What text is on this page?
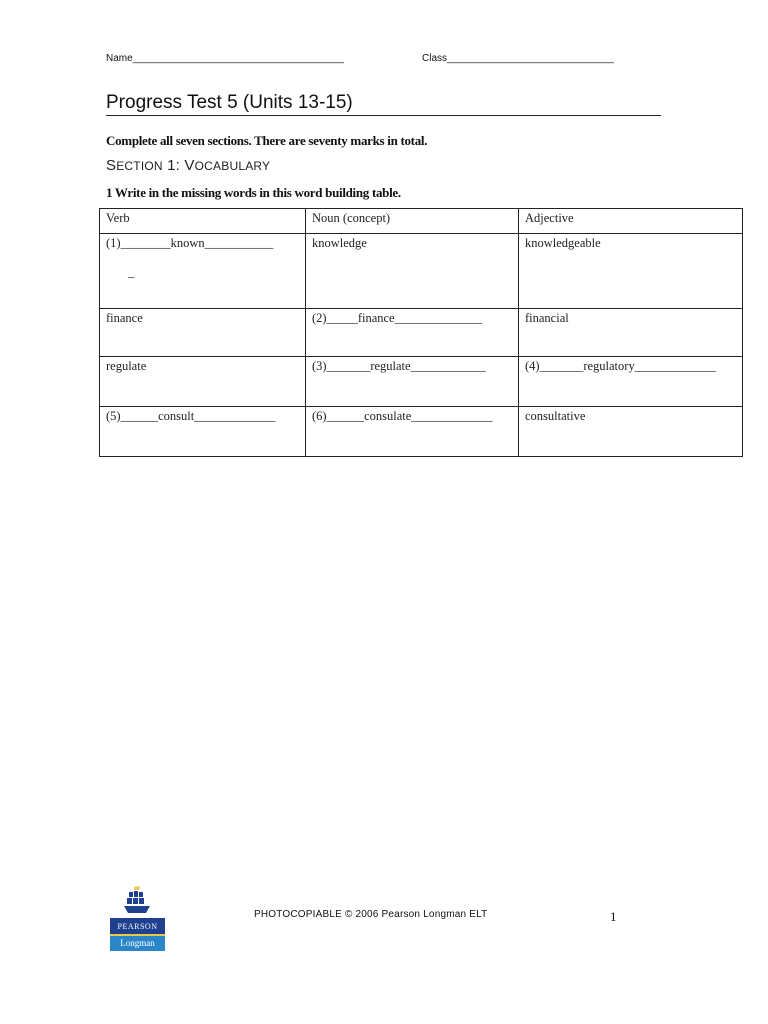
Name______________________________________	Class______________________________
Progress Test 5 (Units 13-15)
Complete all seven sections. There are seventy marks in total.
SECTION 1: VOCABULARY
1 Write in the missing words in this word building table.
Verb	Noun (concept)	Adjective
(1)________known___________
_	knowledge	knowledgeable
finance	(2)_____finance______________	financial
regulate	(3)_______regulate____________	(4)_______regulatory_____________
(5)______consult_____________	(6)______consulate_____________	consultative
PEARSON
Longman
PHOTOCOPIABLE © 2006 Pearson Longman ELT	1
